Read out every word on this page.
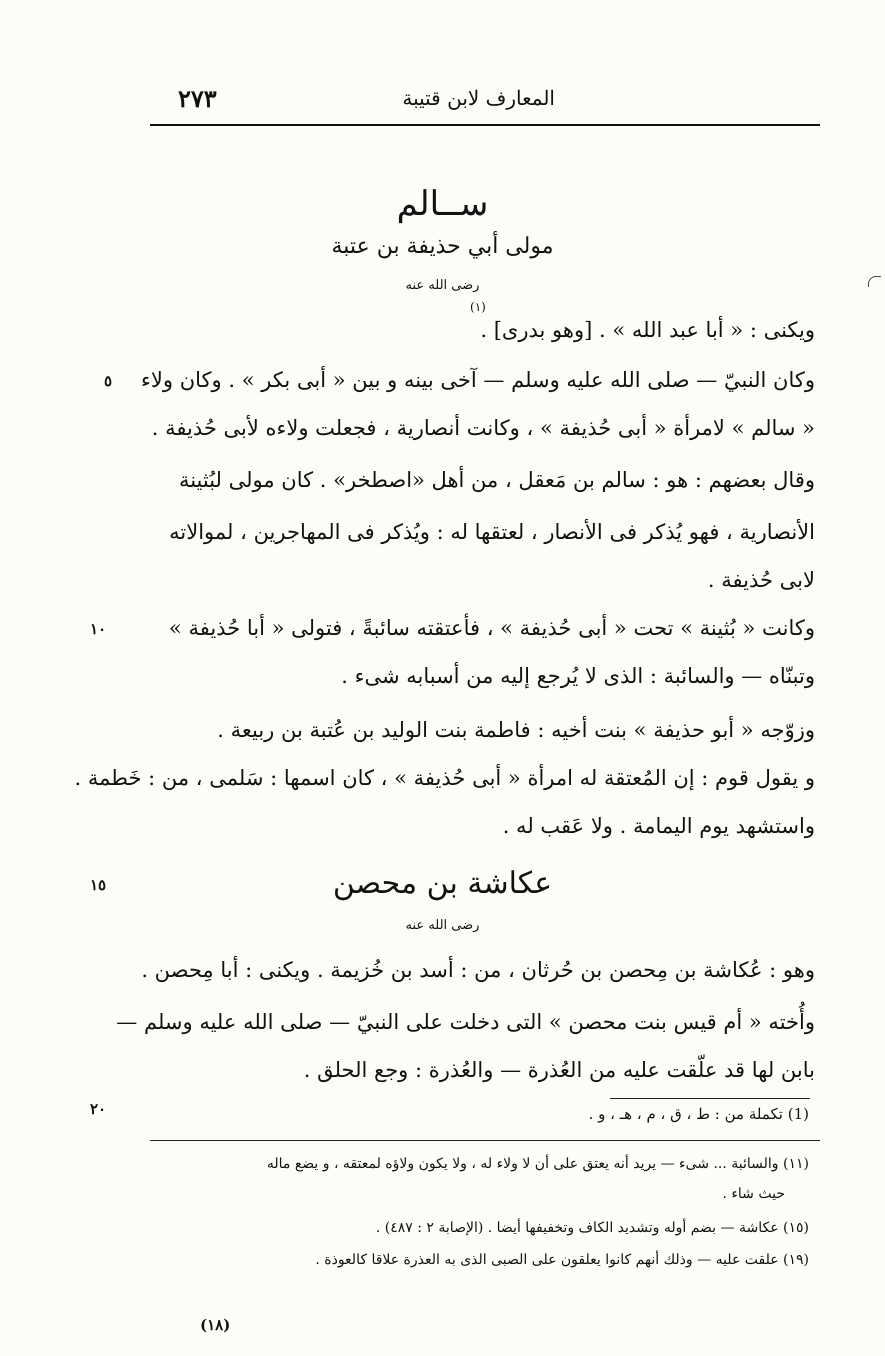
المعارف لابن قتيبة
٢٧٣
ســالم
مولى أبي حذيفة بن عتبة
رضى الله عنه
(١)
ويكنى : « أبا عبد الله » . [وهو بدرى] .
وكان النبيّ — صلى الله عليه وسلم — آخى بينه و بين « أبى بكر » . وكان ولاء
« سالم » لامرأة « أبى حُذيفة » ، وكانت أنصارية ، فجعلت ولاءه لأبى حُذيفة .
وقال بعضهم : هو : سالم بن مَعقل ، من أهل «اصطخر» . كان مولى لبُثينة
الأنصارية ، فهو يُذكر فى الأنصار ، لعتقها له : ويُذكر فى المهاجرين ، لموالاته
لابى حُذيفة .
وكانت « بُثينة » تحت « أبى حُذيفة » ، فأعتقته سائبةً ، فتولى « أبا حُذيفة »
وتبنّاه — والسائبة : الذى لا يُرجع إليه من أسبابه شىء .
وزوّجه « أبو حذيفة » بنت أخيه : فاطمة بنت الوليد بن عُتبة بن ربيعة .
و يقول قوم : إن المُعتقة له امرأة « أبى حُذيفة » ، كان اسمها : سَلمى ، من : خَطمة .
واستشهد يوم اليمامة . ولا عَقب له .
٥
١٠
١٥
٢٠
عكاشة بن محصن
رضى الله عنه
وهو : عُكاشة بن مِحصن بن حُرثان ، من : أسد بن خُزيمة . ويكنى : أبا مِحصن .
وأُخته « أم قيس بنت محصن » التى دخلت على النبيّ — صلى الله عليه وسلم —
بابن لها قد علّقت عليه من العُذرة — والعُذرة : وجع الحلق .
(1) تكملة من : ط ، ق ، م ، هـ ، و .
(١١) والسائبة ... شىء — يريد أنه يعتق على أن لا ولاء له ، ولا يكون ولاؤه لمعتقه ، و يضع ماله
حيث شاء .
(١٥) عكاشة — بضم أوله وتشديد الكاف وتخفيفها أيضا . (الإصابة ٢ : ٤٨٧) .
(١٩) علقت عليه — وذلك أنهم كانوا يعلقون على الصبى الذى به العذرة علاقا كالعوذة .
(١٨)
